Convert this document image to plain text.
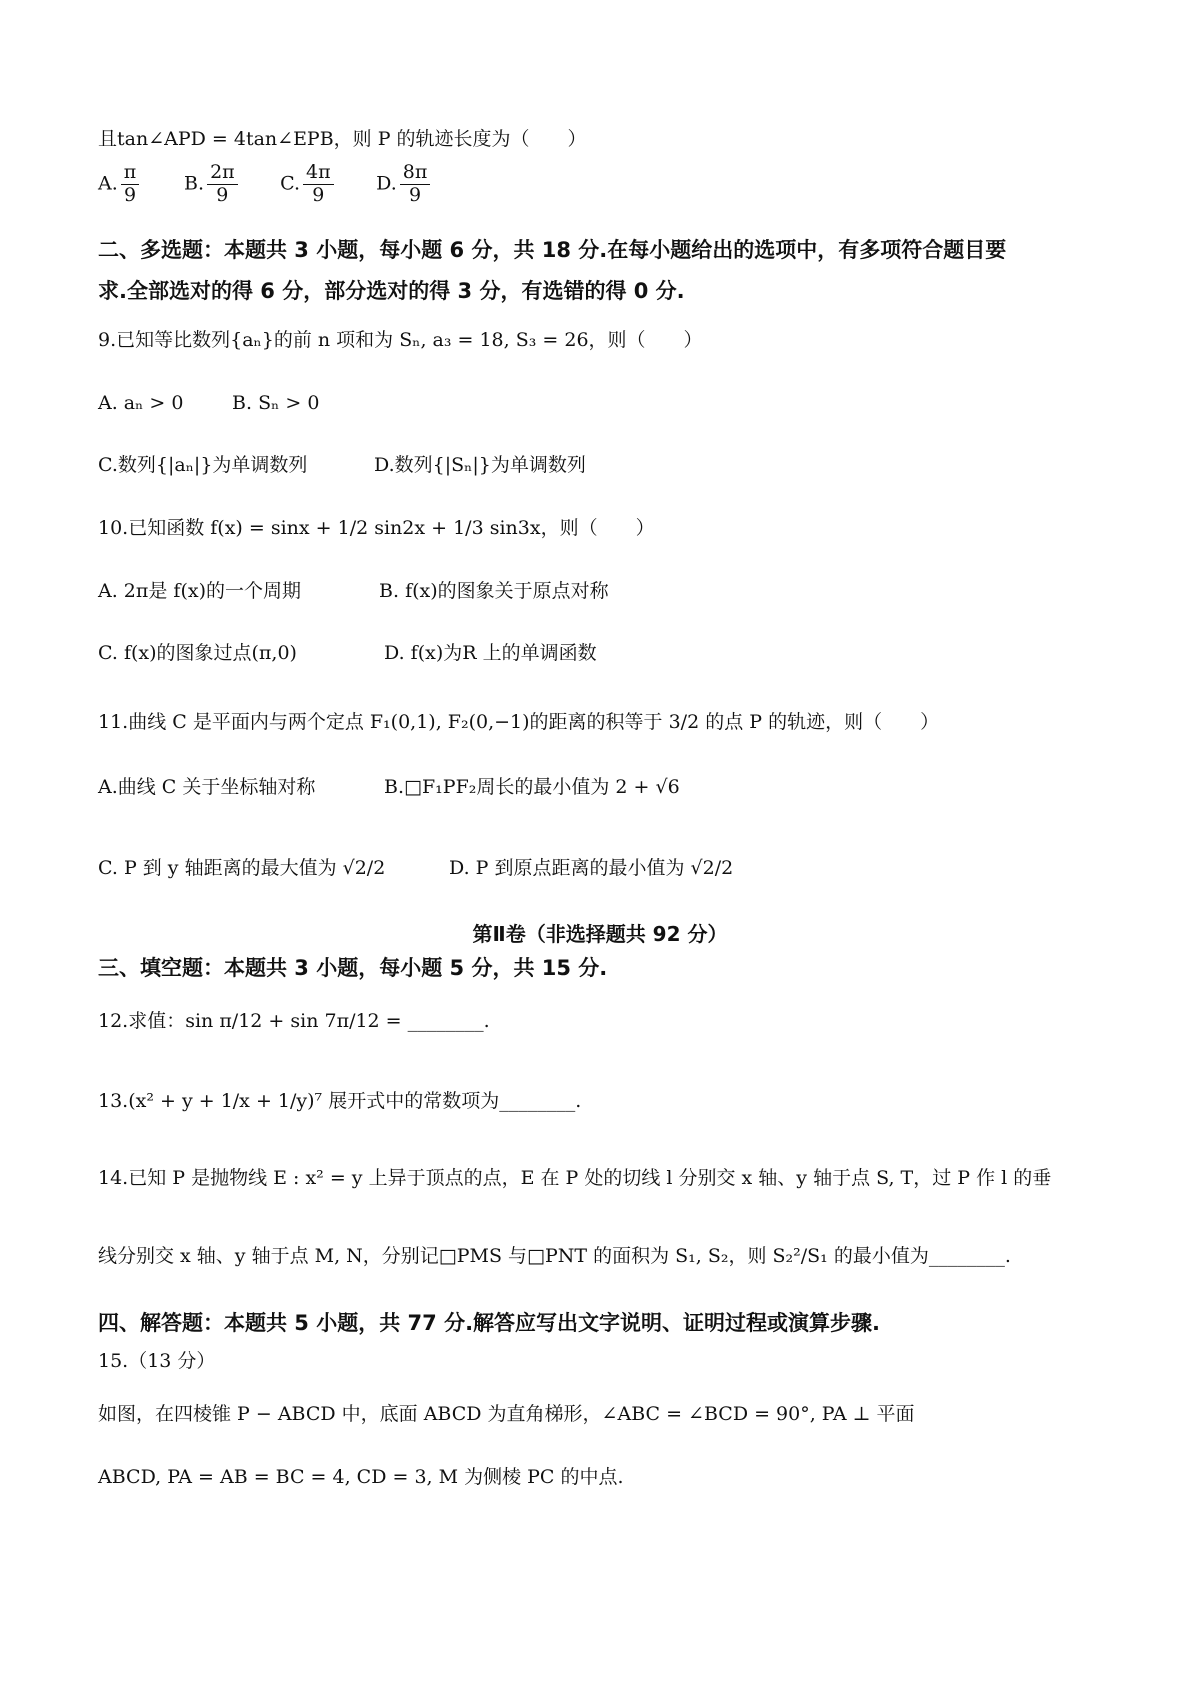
且tan∠APD = 4tan∠EPB，则 P 的轨迹长度为（　　）
A. $\frac{\pi}{9} B$. $\frac{2\pi}{9} C$. $\frac{4\pi}{9} D$. $\frac{8\pi}{9}$
二、多选题：本题共 3 小题，每小题 6 分，共 18 分.在每小题给出的选项中，有多项符合题目要
求.全部选对的得 6 分，部分选对的得 3 分，有选错的得 0 分.
9.已知等比数列{aₙ}的前 n 项和为 Sₙ, a₃ = 18, S₃ = 26，则（　　）
A. aₙ > 0	B. Sₙ > 0
C.数列{|aₙ|}为单调数列	D.数列{|Sₙ|}为单调数列
10.已知函数 f(x) = sinx + 1/2 sin2x + 1/3 sin3x，则（　　）
A. 2π是 f(x)的一个周期	B. f(x)的图象关于原点对称
C. f(x)的图象过点(π,0)	D. f(x)为R 上的单调函数
11.曲线 C 是平面内与两个定点 F₁(0,1), F₂(0,−1)的距离的积等于 3/2 的点 P 的轨迹，则（　　）
A.曲线 C 关于坐标轴对称	B.□F₁PF₂周长的最小值为 2 + √6
C. P 到 y 轴距离的最大值为 √2/2	D. P 到原点距离的最小值为 √2/2
第Ⅱ卷（非选择题共 92 分）
三、填空题：本题共 3 小题，每小题 5 分，共 15 分.
12.求值：sin π/12 + sin 7π/12 = ________.
13.(x² + y + 1/x + 1/y)⁷ 展开式中的常数项为________.
14.已知 P 是抛物线 E : x² = y 上异于顶点的点，E 在 P 处的切线 l 分别交 x 轴、y 轴于点 S, T，过 P 作 l 的垂
线分别交 x 轴、y 轴于点 M, N，分别记□PMS 与□PNT 的面积为 S₁, S₂，则 S₂²/S₁ 的最小值为________.
四、解答题：本题共 5 小题，共 77 分.解答应写出文字说明、证明过程或演算步骤.
15.（13 分）
如图，在四棱锥 P − ABCD 中，底面 ABCD 为直角梯形，∠ABC = ∠BCD = 90°, PA ⊥ 平面
ABCD, PA = AB = BC = 4, CD = 3, M 为侧棱 PC 的中点.
